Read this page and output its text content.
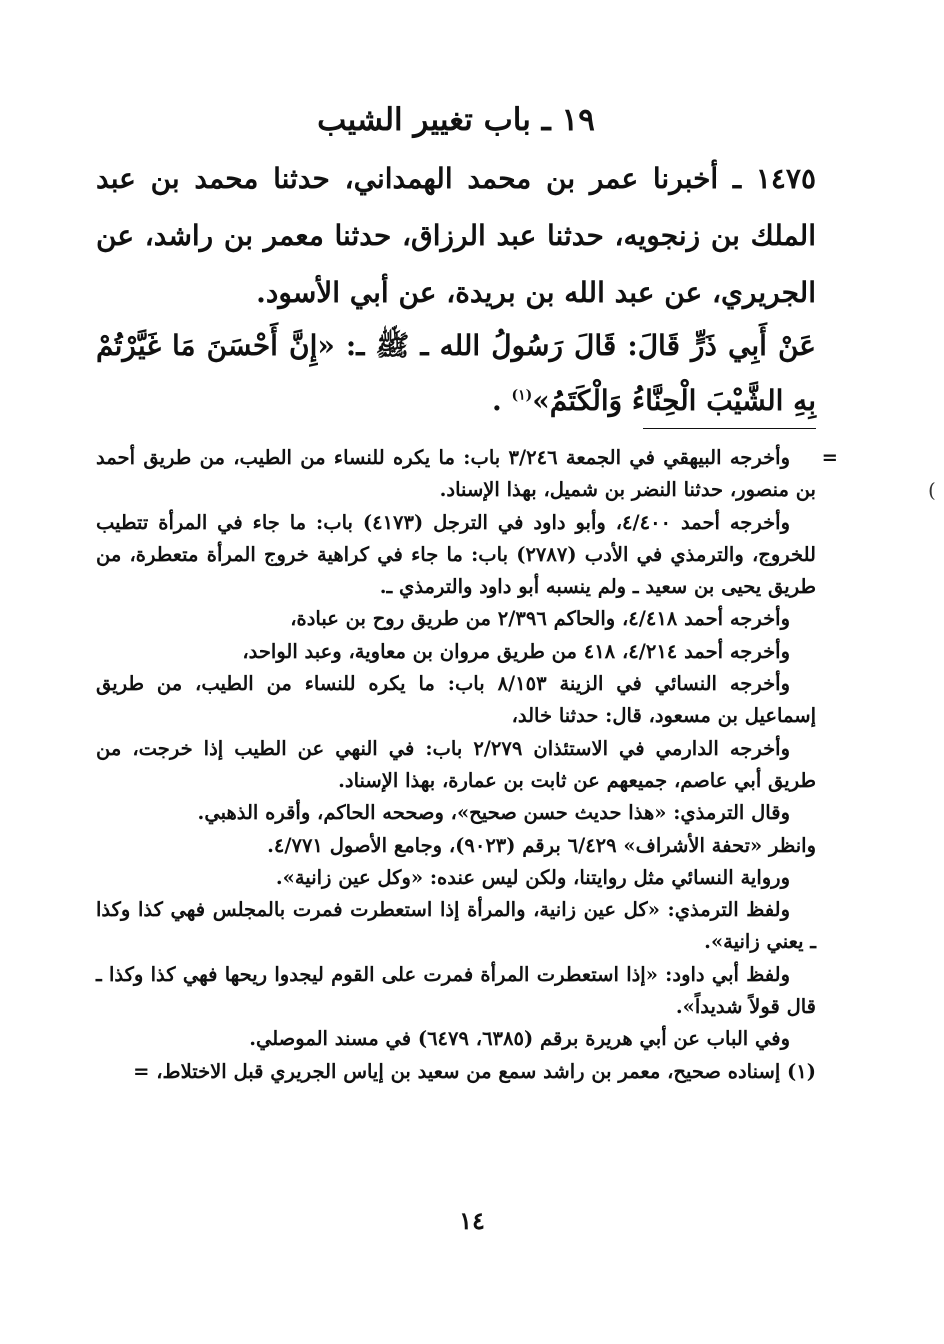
١٩ ـ باب تغيير الشيب

١٤٧٥ ـ أخبرنا عمر بن محمد الهمداني، حدثنا محمد بن عبد الملك بن زنجويه، حدثنا عبد الرزاق، حدثنا معمر بن راشد، عن الجريري، عن عبد الله بن بريدة، عن أبي الأسود.

عَنْ أَبِي ذَرٍّ قَالَ: قَالَ رَسُولُ الله ـ ﷺ ـ: «إِنَّ أَحْسَنَ مَا غَيَّرْتُمْ بِهِ الشَّيْبَ الْحِنَّاءُ وَالْكَتَمُ»$^{(١)}$ .

=
وأخرجه البيهقي في الجمعة ٣/٢٤٦ باب: ما يكره للنساء من الطيب، من طريق أحمد بن منصور، حدثنا النضر بن شميل، بهذا الإسناد.

وأخرجه أحمد ٤/٤٠٠، وأبو داود في الترجل (٤١٧٣) باب: ما جاء في المرأة تتطيب للخروج، والترمذي في الأدب (٢٧٨٧) باب: ما جاء في كراهية خروج المرأة متعطرة، من طريق يحيى بن سعيد ـ ولم ينسبه أبو داود والترمذي ـ.

وأخرجه أحمد ٤/٤١٨، والحاكم ٢/٣٩٦ من طريق روح بن عبادة،

وأخرجه أحمد ٤/٢١٤، ٤١٨ من طريق مروان بن معاوية، وعبد الواحد،

وأخرجه النسائي في الزينة ٨/١٥٣ باب: ما يكره للنساء من الطيب، من طريق إسماعيل بن مسعود، قال: حدثنا خالد،

وأخرجه الدارمي في الاستئذان ٢/٢٧٩ باب: في النهي عن الطيب إذا خرجت، من طريق أبي عاصم، جميعهم عن ثابت بن عمارة، بهذا الإسناد.

وقال الترمذي: «هذا حديث حسن صحيح»، وصححه الحاكم، وأقره الذهبي.

وانظر «تحفة الأشراف» ٦/٤٢٩ برقم (٩٠٢٣)، وجامع الأصول ٤/٧٧١.

ورواية النسائي مثل روايتنا، ولكن ليس عنده: «وكل عين زانية».

ولفظ الترمذي: «كل عين زانية، والمرأة إذا استعطرت فمرت بالمجلس فهي كذا وكذا ـ يعني زانية».

ولفظ أبي داود: «إذا استعطرت المرأة فمرت على القوم ليجدوا ريحها فهي كذا وكذا ـ قال قولاً شديداً».

وفي الباب عن أبي هريرة برقم (٦٣٨٥، ٦٤٧٩) في مسند الموصلي.

(١) إسناده صحيح، معمر بن راشد سمع من سعيد بن إياس الجريري قبل الاختلاط، =

(
١٤
